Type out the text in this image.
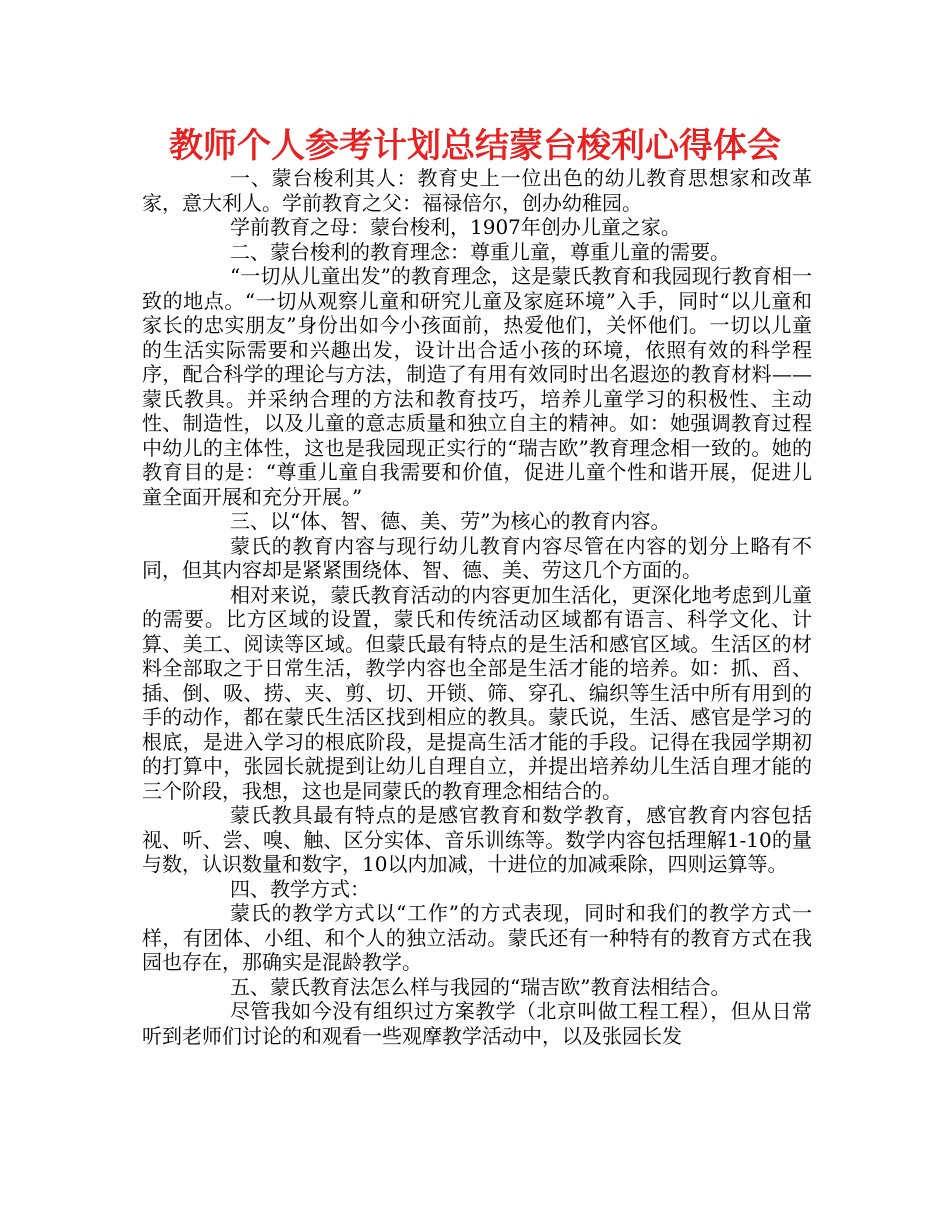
教师个人参考计划总结蒙台梭利心得体会

一、蒙台梭利其人：教育史上一位出色的幼儿教育思想家和改革家，意大利人。学前教育之父：福禄倍尔，创办幼稚园。

学前教育之母：蒙台梭利，1907年创办儿童之家。

二、蒙台梭利的教育理念：尊重儿童，尊重儿童的需要。

“一切从儿童出发”的教育理念，这是蒙氏教育和我园现行教育相一致的地点。“一切从观察儿童和研究儿童及家庭环境”入手，同时“以儿童和家长的忠实朋友”身份出如今小孩面前，热爱他们，关怀他们。一切以儿童的生活实际需要和兴趣出发，设计出合适小孩的环境，依照有效的科学程序，配合科学的理论与方法，制造了有用有效同时出名遐迩的教育材料——蒙氏教具。并采纳合理的方法和教育技巧，培养儿童学习的积极性、主动性、制造性，以及儿童的意志质量和独立自主的精神。如：她强调教育过程中幼儿的主体性，这也是我园现正实行的“瑞吉欧”教育理念相一致的。她的教育目的是：“尊重儿童自我需要和价值，促进儿童个性和谐开展，促进儿童全面开展和充分开展。”

三、以“体、智、德、美、劳”为核心的教育内容。

蒙氏的教育内容与现行幼儿教育内容尽管在内容的划分上略有不同，但其内容却是紧紧围绕体、智、德、美、劳这几个方面的。

相对来说，蒙氏教育活动的内容更加生活化，更深化地考虑到儿童的需要。比方区域的设置，蒙氏和传统活动区域都有语言、科学文化、计算、美工、阅读等区域。但蒙氏最有特点的是生活和感官区域。生活区的材料全部取之于日常生活，教学内容也全部是生活才能的培养。如：抓、舀、插、倒、吸、捞、夹、剪、切、开锁、筛、穿孔、编织等生活中所有用到的手的动作，都在蒙氏生活区找到相应的教具。蒙氏说，生活、感官是学习的根底，是进入学习的根底阶段，是提高生活才能的手段。记得在我园学期初的打算中，张园长就提到让幼儿自理自立，并提出培养幼儿生活自理才能的三个阶段，我想，这也是同蒙氏的教育理念相结合的。

蒙氏教具最有特点的是感官教育和数学教育，感官教育内容包括视、听、尝、嗅、触、区分实体、音乐训练等。数学内容包括理解1-10的量与数，认识数量和数字，10以内加减，十进位的加减乘除，四则运算等。

四、教学方式：

蒙氏的教学方式以“工作”的方式表现，同时和我们的教学方式一样，有团体、小组、和个人的独立活动。蒙氏还有一种特有的教育方式在我园也存在，那确实是混龄教学。

五、蒙氏教育法怎么样与我园的“瑞吉欧”教育法相结合。

尽管我如今没有组织过方案教学（北京叫做工程工程），但从日常听到老师们讨论的和观看一些观摩教学活动中，以及张园长发
